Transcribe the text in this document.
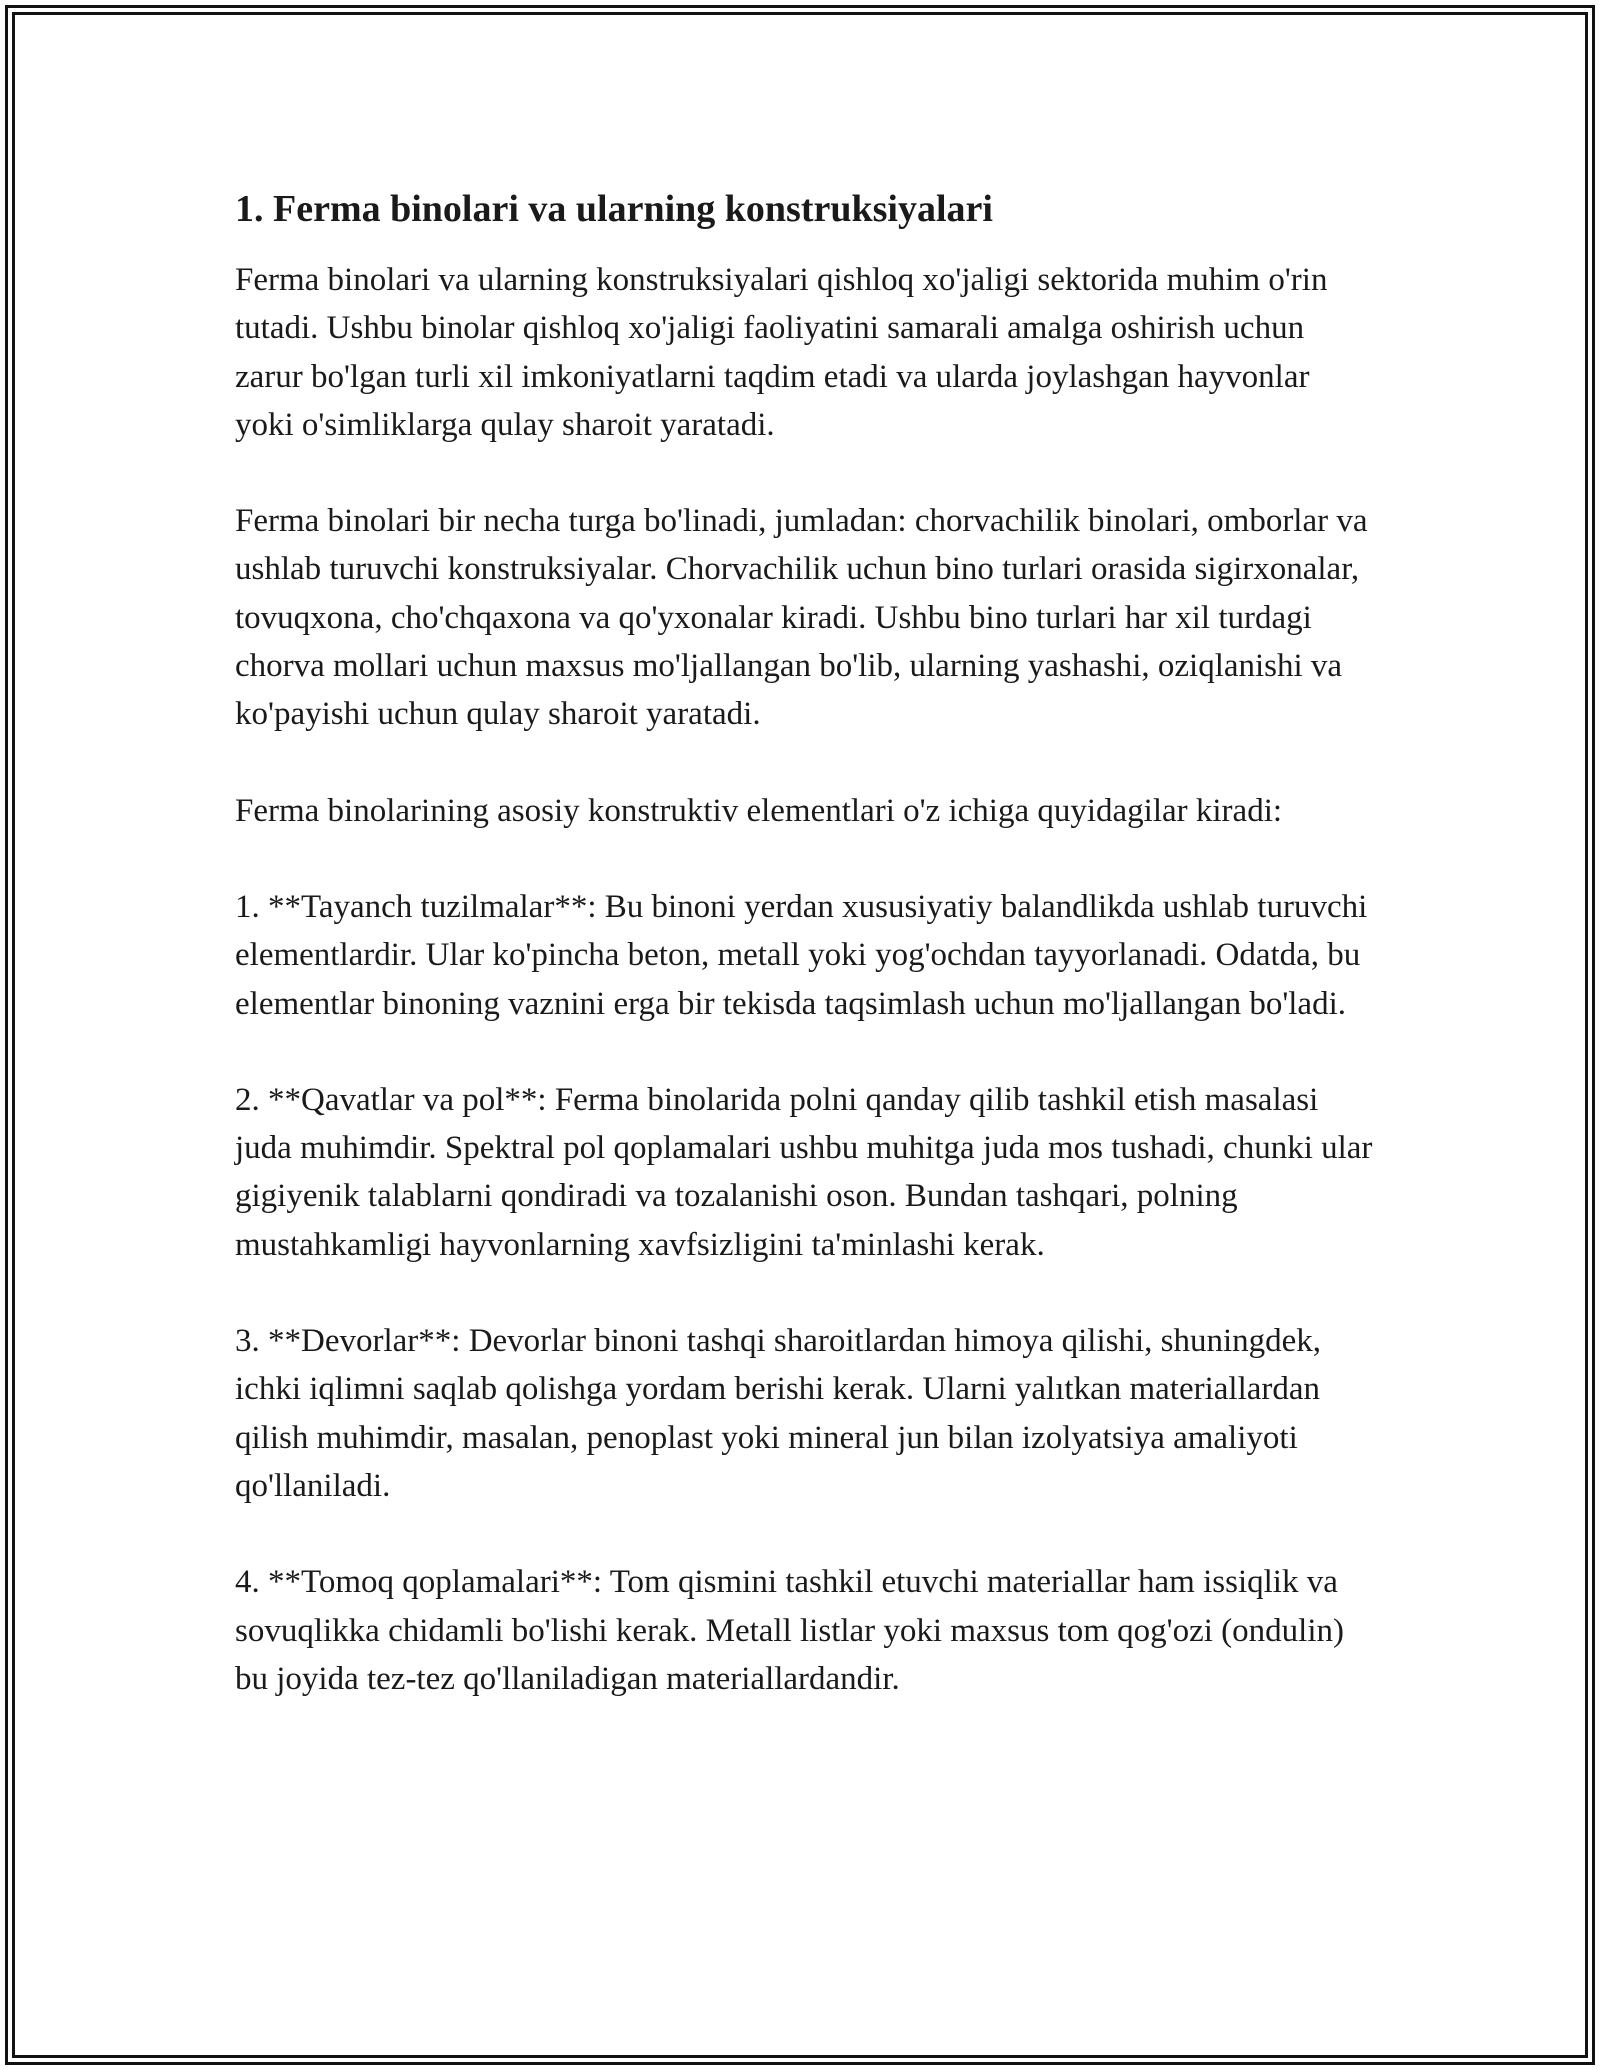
1. Ferma binolari va ularning konstruksiyalari

Ferma binolari va ularning konstruksiyalari qishloq xo'jaligi sektorida muhim o'rin tutadi. Ushbu binolar qishloq xo'jaligi faoliyatini samarali amalga oshirish uchun zarur bo'lgan turli xil imkoniyatlarni taqdim etadi va ularda joylashgan hayvonlar yoki o'simliklarga qulay sharoit yaratadi.

Ferma binolari bir necha turga bo'linadi, jumladan: chorvachilik binolari, omborlar va ushlab turuvchi konstruksiyalar. Chorvachilik uchun bino turlari orasida sigirxonalar, tovuqxona, cho'chqaxona va qo'yxonalar kiradi. Ushbu bino turlari har xil turdagi chorva mollari uchun maxsus mo'ljallangan bo'lib, ularning yashashi, oziqlanishi va ko'payishi uchun qulay sharoit yaratadi.

Ferma binolarining asosiy konstruktiv elementlari o'z ichiga quyidagilar kiradi:

1. **Tayanch tuzilmalar**: Bu binoni yerdan xususiyatiy balandlikda ushlab turuvchi elementlardir. Ular ko'pincha beton, metall yoki yog'ochdan tayyorlanadi. Odatda, bu elementlar binoning vaznini erga bir tekisda taqsimlash uchun mo'ljallangan bo'ladi.

2. **Qavatlar va pol**: Ferma binolarida polni qanday qilib tashkil etish masalasi juda muhimdir. Spektral pol qoplamalari ushbu muhitga juda mos tushadi, chunki ular gigiyenik talablarni qondiradi va tozalanishi oson. Bundan tashqari, polning mustahkamligi hayvonlarning xavfsizligini ta'minlashi kerak.

3. **Devorlar**: Devorlar binoni tashqi sharoitlardan himoya qilishi, shuningdek, ichki iqlimni saqlab qolishga yordam berishi kerak. Ularni yalıtkan materiallardan qilish muhimdir, masalan, penoplast yoki mineral jun bilan izolyatsiya amaliyoti qo'llaniladi.

4. **Tomoq qoplamalari**: Tom qismini tashkil etuvchi materiallar ham issiqlik va sovuqlikka chidamli bo'lishi kerak. Metall listlar yoki maxsus tom qog'ozi (ondulin) bu joyida tez-tez qo'llaniladigan materiallardandir.
